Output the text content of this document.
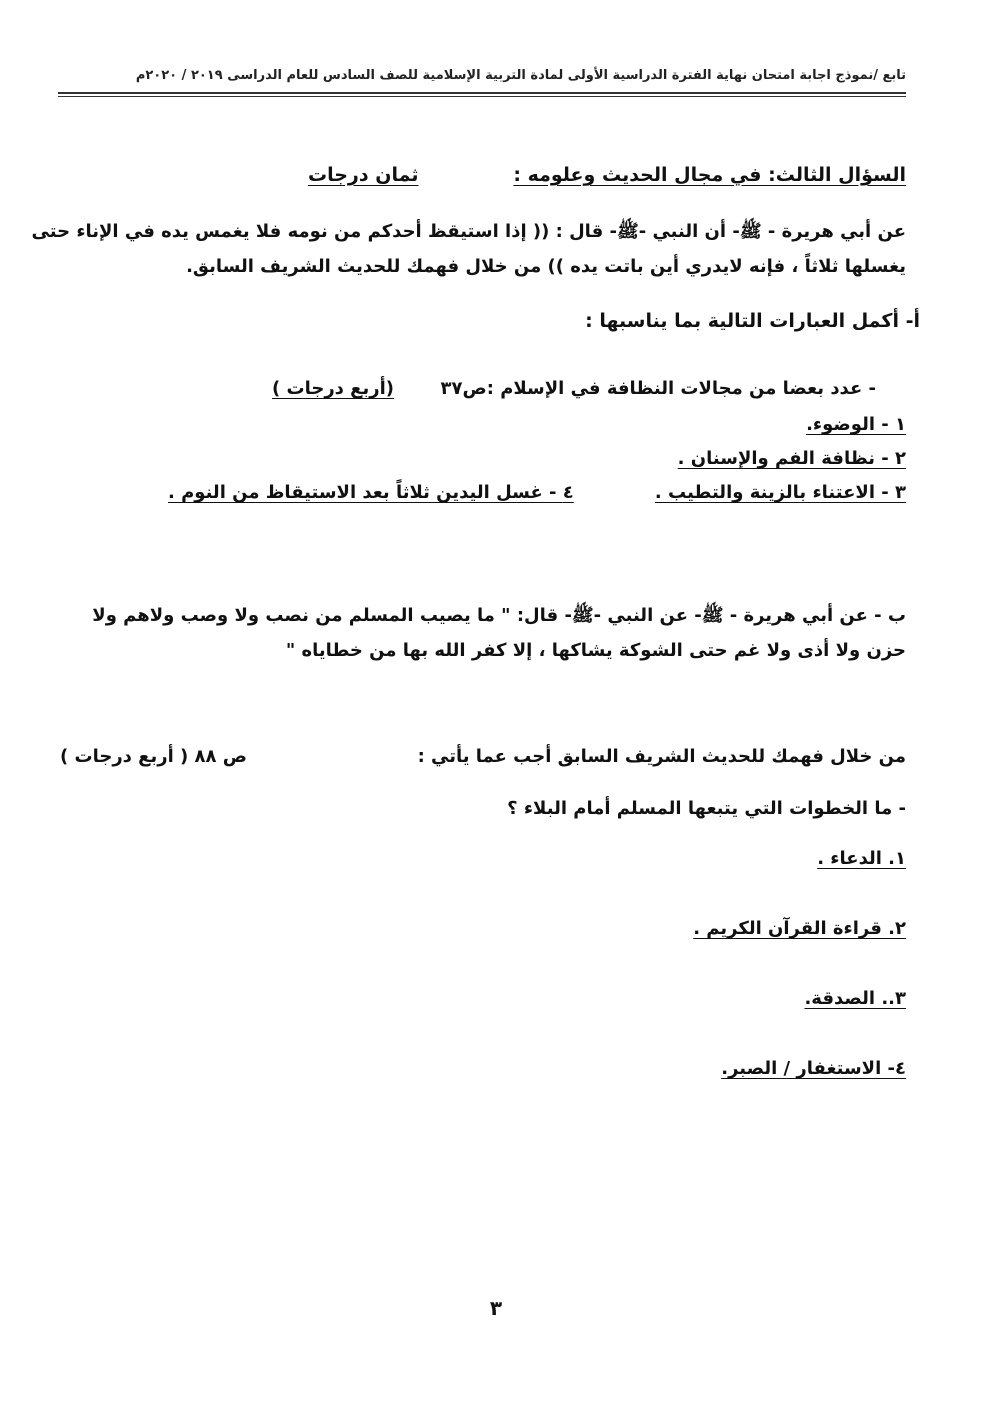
تابع /نموذج اجابة امتحان نهاية الفترة الدراسية الأولى لمادة التربية الإسلامية للصف السادس للعام الدراسى ٢٠١٩ / ٢٠٢٠م
السؤال الثالث: في مجال الحديث وعلومه :
ثمان درجات
عن أبي هريرة - ﷺ- أن النبي -ﷺ- قال : (( إذا استيقظ أحدكم من نومه فلا يغمس يده في الإناء حتى
يغسلها ثلاثاً ، فإنه لايدري أين باتت يده )) من خلال فهمك للحديث الشريف السابق.
أ- أكمل العبارات التالية بما يناسبها :
- عدد بعضا من مجالات النظافة في الإسلام :ص٣٧
(أربع درجات )
١ - الوضوء.
٢ - نظافة الفم والإسنان .
٣ - الاعتناء بالزينة والتطيب .
٤ - غسل اليدين ثلاثاً بعد الاستيقاظ من النوم .
ب - عن أبي هريرة - ﷺ- عن النبي -ﷺ- قال: " ما يصيب المسلم من نصب ولا وصب ولاهم ولا
حزن ولا أذى ولا غم حتى الشوكة يشاكها ، إلا كفر الله بها من خطاياه "
من خلال فهمك للحديث الشريف السابق أجب عما يأتي :
ص ٨٨ ( أربع درجات )
- ما الخطوات التي يتبعها المسلم أمام البلاء ؟
١. الدعاء .
٢. قراءة القرآن الكريم .
٣.. الصدقة.
٤- الاستغفار / الصبر.
٣
